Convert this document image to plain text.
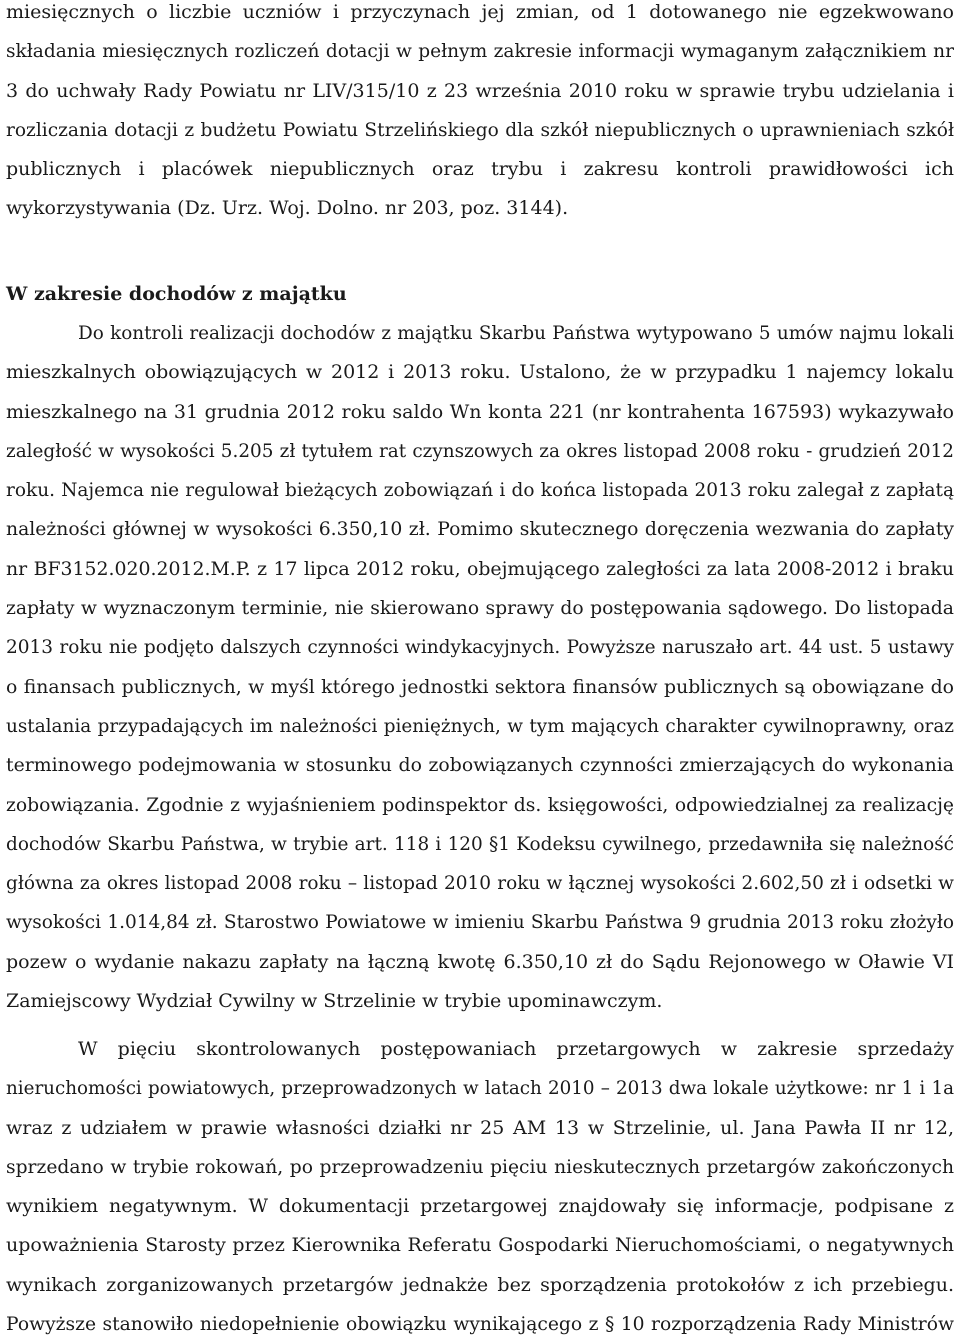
miesięcznych o liczbie uczniów i przyczynach jej zmian, od 1 dotowanego nie egzekwowano
składania miesięcznych rozliczeń dotacji w pełnym zakresie informacji wymaganym załącznikiem nr
3 do uchwały Rady Powiatu nr LIV/315/10 z 23 września 2010 roku w sprawie trybu udzielania i
rozliczania dotacji z budżetu Powiatu Strzelińskiego dla szkół niepublicznych o uprawnieniach szkół
publicznych i placówek niepublicznych oraz trybu i zakresu kontroli prawidłowości ich
wykorzystywania (Dz. Urz. Woj. Dolno. nr 203, poz. 3144).

W zakresie dochodów z majątku

Do kontroli realizacji dochodów z majątku Skarbu Państwa wytypowano 5 umów najmu lokali
mieszkalnych obowiązujących w 2012 i 2013 roku. Ustalono, że w przypadku 1 najemcy lokalu
mieszkalnego na 31 grudnia 2012 roku saldo Wn konta 221 (nr kontrahenta 167593) wykazywało
zaległość w wysokości 5.205 zł tytułem rat czynszowych za okres listopad 2008 roku - grudzień 2012
roku. Najemca nie regulował bieżących zobowiązań i do końca listopada 2013 roku zalegał z zapłatą
należności głównej w wysokości 6.350,10 zł. Pomimo skutecznego doręczenia wezwania do zapłaty
nr BF3152.020.2012.M.P. z 17 lipca 2012 roku, obejmującego zaległości za lata 2008-2012 i braku
zapłaty w wyznaczonym terminie, nie skierowano sprawy do postępowania sądowego. Do listopada
2013 roku nie podjęto dalszych czynności windykacyjnych. Powyższe naruszało art. 44 ust. 5 ustawy
o finansach publicznych, w myśl którego jednostki sektora finansów publicznych są obowiązane do
ustalania przypadających im należności pieniężnych, w tym mających charakter cywilnoprawny, oraz
terminowego podejmowania w stosunku do zobowiązanych czynności zmierzających do wykonania
zobowiązania. Zgodnie z wyjaśnieniem podinspektor ds. księgowości, odpowiedzialnej za realizację
dochodów Skarbu Państwa, w trybie art. 118 i 120 §1 Kodeksu cywilnego, przedawniła się należność
główna za okres listopad 2008 roku – listopad 2010 roku w łącznej wysokości 2.602,50 zł i odsetki w
wysokości 1.014,84 zł. Starostwo Powiatowe w imieniu Skarbu Państwa 9 grudnia 2013 roku złożyło
pozew o wydanie nakazu zapłaty na łączną kwotę 6.350,10 zł do Sądu Rejonowego w Oławie VI
Zamiejscowy Wydział Cywilny w Strzelinie w trybie upominawczym.
W pięciu skontrolowanych postępowaniach przetargowych w zakresie sprzedaży
nieruchomości powiatowych, przeprowadzonych w latach 2010 – 2013 dwa lokale użytkowe: nr 1 i 1a
wraz z udziałem w prawie własności działki nr 25 AM 13 w Strzelinie, ul. Jana Pawła II nr 12,
sprzedano w trybie rokowań, po przeprowadzeniu pięciu nieskutecznych przetargów zakończonych
wynikiem negatywnym. W dokumentacji przetargowej znajdowały się informacje, podpisane z
upoważnienia Starosty przez Kierownika Referatu Gospodarki Nieruchomościami, o negatywnych
wynikach zorganizowanych przetargów jednakże bez sporządzenia protokołów z ich przebiegu.
Powyższe stanowiło niedopełnienie obowiązku wynikającego z § 10 rozporządzenia Rady Ministrów
